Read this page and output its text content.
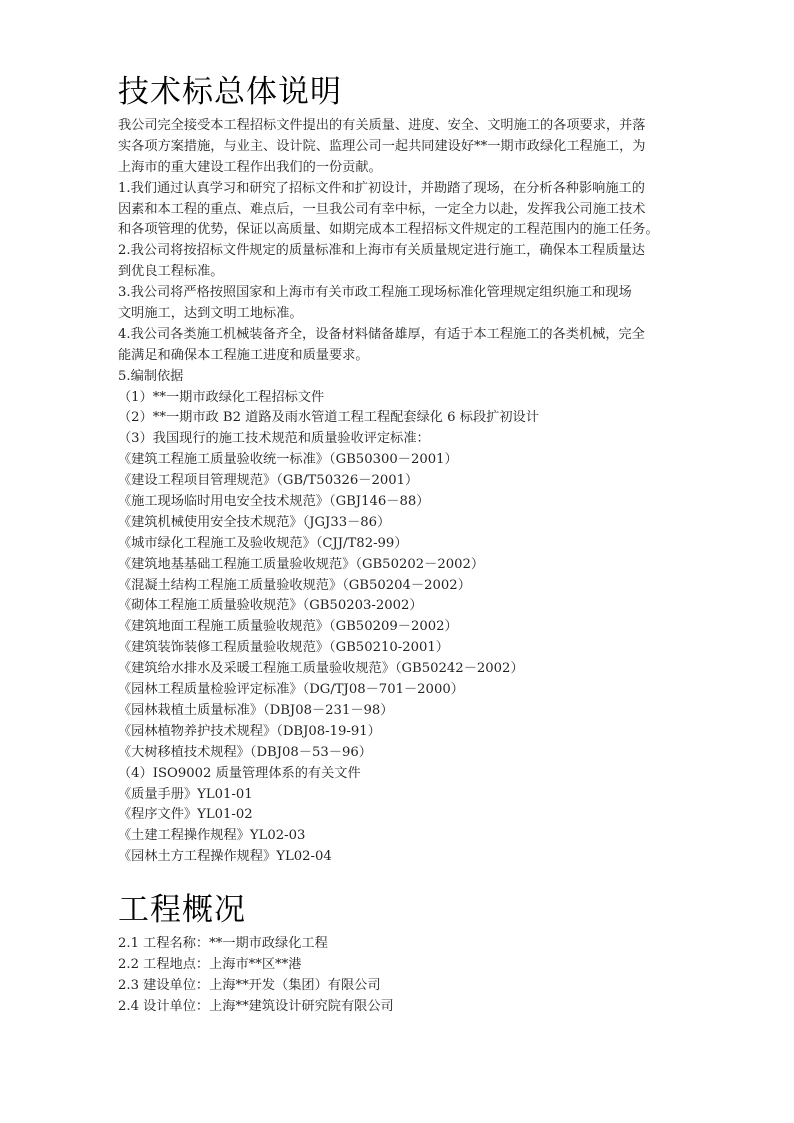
技术标总体说明
我公司完全接受本工程招标文件提出的有关质量、进度、安全、文明施工的各项要求，并落
实各项方案措施，与业主、设计院、监理公司一起共同建设好**一期市政绿化工程施工，为
上海市的重大建设工程作出我们的一份贡献。
1.我们通过认真学习和研究了招标文件和扩初设计，并勘踏了现场，在分析各种影响施工的
因素和本工程的重点、难点后，一旦我公司有幸中标，一定全力以赴，发挥我公司施工技术
和各项管理的优势，保证以高质量、如期完成本工程招标文件规定的工程范围内的施工任务。
2.我公司将按招标文件规定的质量标准和上海市有关质量规定进行施工，确保本工程质量达
到优良工程标准。
3.我公司将严格按照国家和上海市有关市政工程施工现场标准化管理规定组织施工和现场
文明施工，达到文明工地标准。
4.我公司各类施工机械装备齐全，设备材料储备雄厚，有适于本工程施工的各类机械，完全
能满足和确保本工程施工进度和质量要求。
5.编制依据
（1）**一期市政绿化工程招标文件
（2）**一期市政 B2 道路及雨水管道工程工程配套绿化 6 标段扩初设计
（3）我国现行的施工技术规范和质量验收评定标准：
《建筑工程施工质量验收统一标准》（GB50300－2001）
《建设工程项目管理规范》（GB/T50326－2001）
《施工现场临时用电安全技术规范》（GBJ146－88）
《建筑机械使用安全技术规范》（JGJ33－86）
《城市绿化工程施工及验收规范》（CJJ/T82-99）
《建筑地基基础工程施工质量验收规范》（GB50202－2002）
《混凝土结构工程施工质量验收规范》（GB50204－2002）
《砌体工程施工质量验收规范》（GB50203-2002）
《建筑地面工程施工质量验收规范》（GB50209－2002）
《建筑装饰装修工程质量验收规范》（GB50210-2001）
《建筑给水排水及采暖工程施工质量验收规范》（GB50242－2002）
《园林工程质量检验评定标准》（DG/TJ08－701－2000）
《园林栽植土质量标准》（DBJ08－231－98）
《园林植物养护技术规程》（DBJ08-19-91）
《大树移植技术规程》（DBJ08－53－96）
（4）ISO9002 质量管理体系的有关文件
《质量手册》YL01-01
《程序文件》YL01-02
《土建工程操作规程》YL02-03
《园林土方工程操作规程》YL02-04
工程概况
2.1 工程名称：**一期市政绿化工程
2.2 工程地点：上海市**区**港
2.3 建设单位：上海**开发（集团）有限公司
2.4 设计单位：上海**建筑设计研究院有限公司
